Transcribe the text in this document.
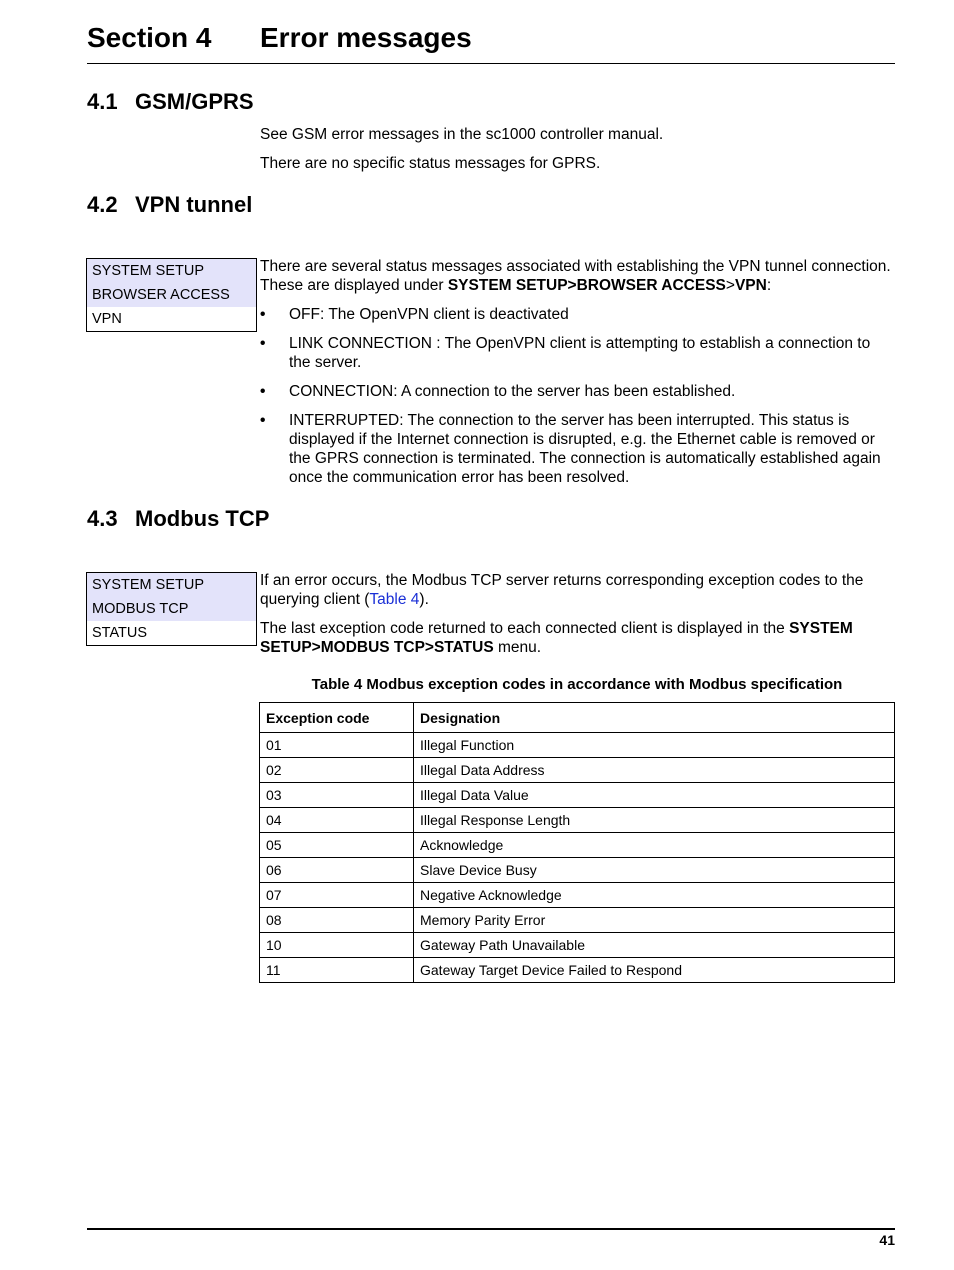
Section 4 Error messages
4.1 GSM/GPRS
See GSM error messages in the sc1000 controller manual.
There are no specific status messages for GPRS.
4.2 VPN tunnel
SYSTEM SETUP
BROWSER ACCESS
VPN
There are several status messages associated with establishing the VPN tunnel connection. These are displayed under SYSTEM SETUP>BROWSER ACCESS>VPN:
• OFF: The OpenVPN client is deactivated
• LINK CONNECTION : The OpenVPN client is attempting to establish a connection to the server.
• CONNECTION: A connection to the server has been established.
• INTERRUPTED: The connection to the server has been interrupted. This status is displayed if the Internet connection is disrupted, e.g. the Ethernet cable is removed or the GPRS connection is terminated. The connection is automatically established again once the communication error has been resolved.
4.3 Modbus TCP
SYSTEM SETUP
MODBUS TCP
STATUS
If an error occurs, the Modbus TCP server returns corresponding exception codes to the querying client (Table 4).
The last exception code returned to each connected client is displayed in the SYSTEM SETUP>MODBUS TCP>STATUS menu.
Table 4 Modbus exception codes in accordance with Modbus specification
Exception code	Designation
01	Illegal Function
02	Illegal Data Address
03	Illegal Data Value
04	Illegal Response Length
05	Acknowledge
06	Slave Device Busy
07	Negative Acknowledge
08	Memory Parity Error
10	Gateway Path Unavailable
11	Gateway Target Device Failed to Respond
41
